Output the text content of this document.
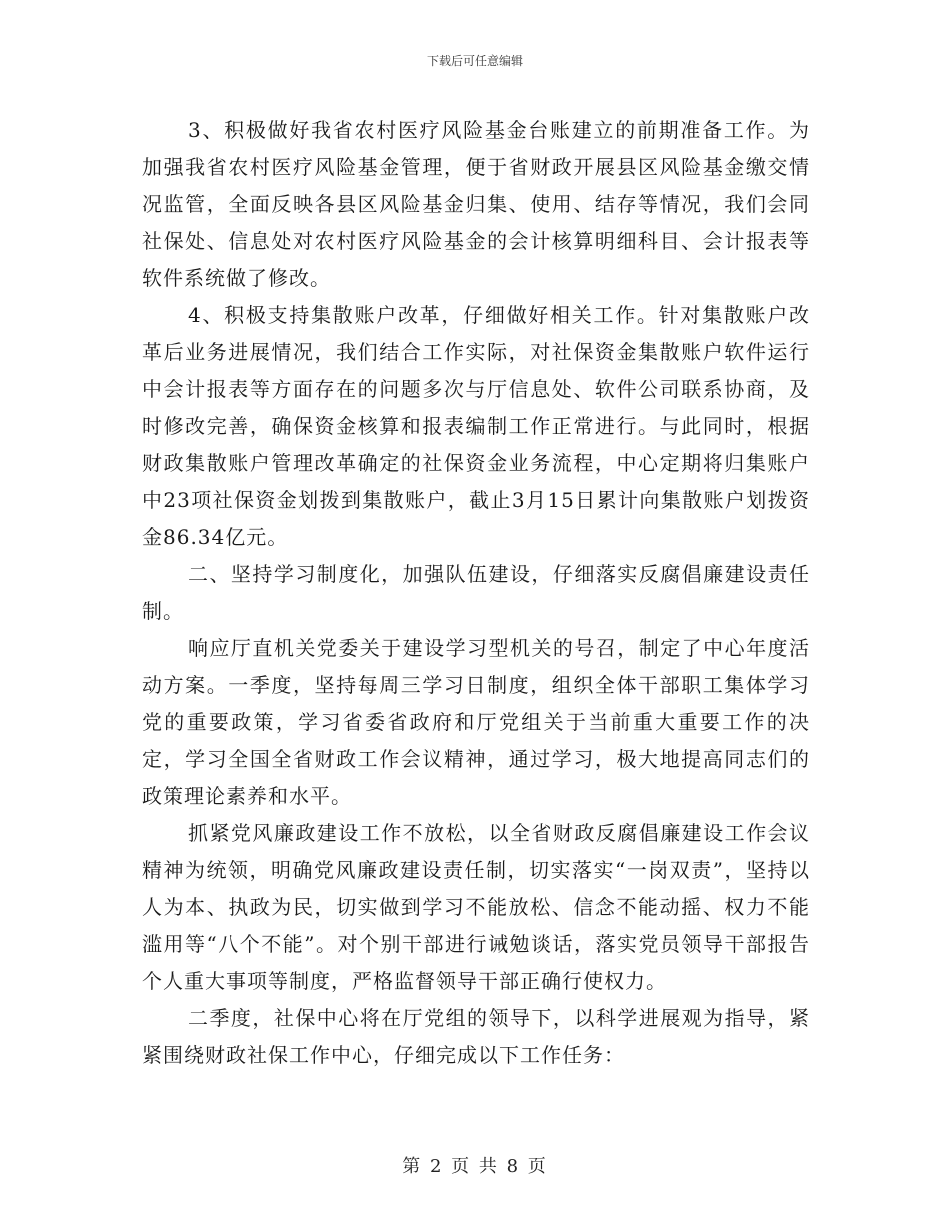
下载后可任意编辑

3、积极做好我省农村医疗风险基金台账建立的前期准备工作。为加强我省农村医疗风险基金管理，便于省财政开展县区风险基金缴交情况监管，全面反映各县区风险基金归集、使用、结存等情况，我们会同社保处、信息处对农村医疗风险基金的会计核算明细科目、会计报表等软件系统做了修改。

4、积极支持集散账户改革，仔细做好相关工作。针对集散账户改革后业务进展情况，我们结合工作实际，对社保资金集散账户软件运行中会计报表等方面存在的问题多次与厅信息处、软件公司联系协商，及时修改完善，确保资金核算和报表编制工作正常进行。与此同时，根据财政集散账户管理改革确定的社保资金业务流程，中心定期将归集账户中23项社保资金划拨到集散账户，截止3月15日累计向集散账户划拨资金86.34亿元。

二、坚持学习制度化，加强队伍建设，仔细落实反腐倡廉建设责任制。

响应厅直机关党委关于建设学习型机关的号召，制定了中心年度活动方案。一季度，坚持每周三学习日制度，组织全体干部职工集体学习党的重要政策，学习省委省政府和厅党组关于当前重大重要工作的决定，学习全国全省财政工作会议精神，通过学习，极大地提高同志们的政策理论素养和水平。

抓紧党风廉政建设工作不放松，以全省财政反腐倡廉建设工作会议精神为统领，明确党风廉政建设责任制，切实落实“一岗双责”，坚持以人为本、执政为民，切实做到学习不能放松、信念不能动摇、权力不能滥用等“八个不能”。对个别干部进行诫勉谈话，落实党员领导干部报告个人重大事项等制度，严格监督领导干部正确行使权力。

二季度，社保中心将在厅党组的领导下，以科学进展观为指导，紧紧围绕财政社保工作中心，仔细完成以下工作任务：

第 2 页 共 8 页
